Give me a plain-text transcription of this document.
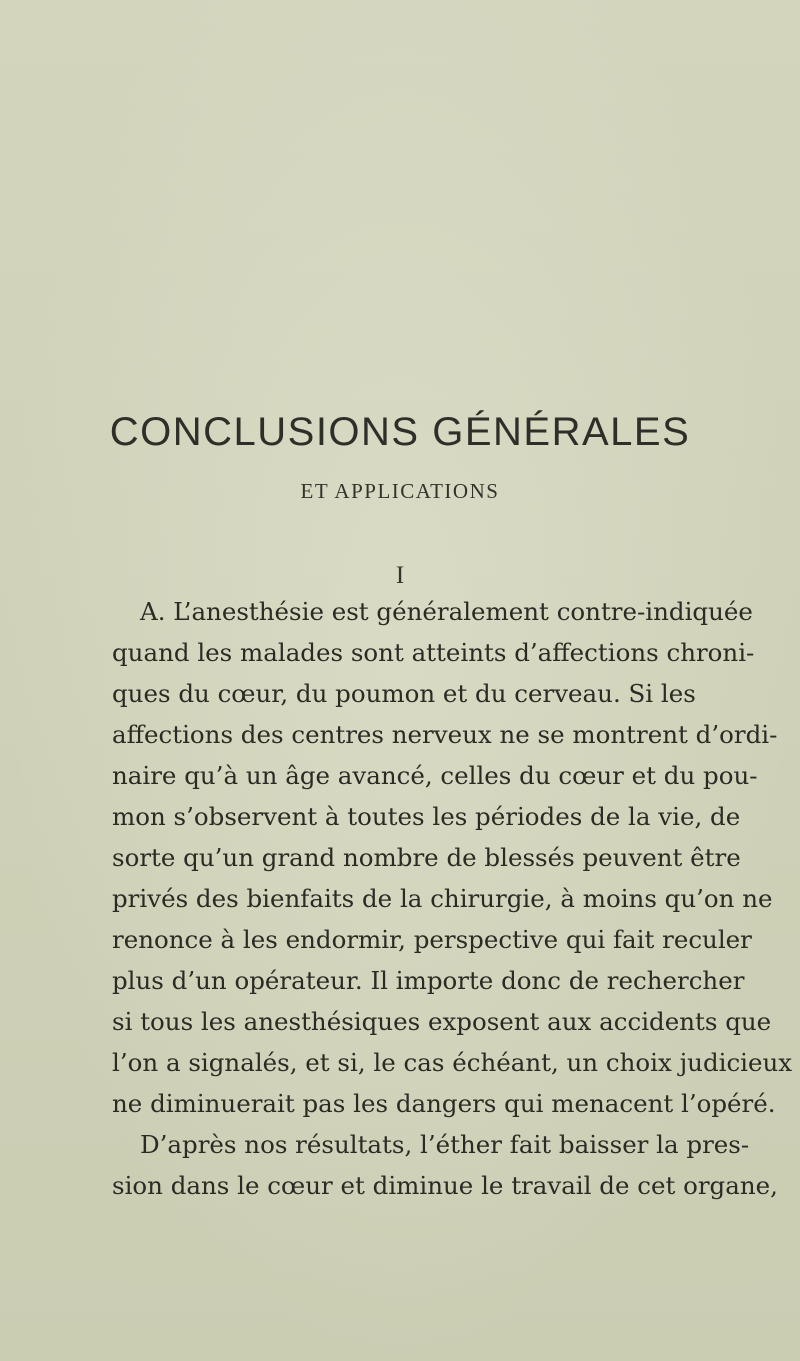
CONCLUSIONS GÉNÉRALES
ET APPLICATIONS
I
A. L’anesthésie est généralement contre-indiquée
quand les malades sont atteints d’affections chroni-
ques du cœur, du poumon et du cerveau. Si les
affections des centres nerveux ne se montrent d’ordi-
naire qu’à un âge avancé, celles du cœur et du pou-
mon s’observent à toutes les périodes de la vie, de
sorte qu’un grand nombre de blessés peuvent être
privés des bienfaits de la chirurgie, à moins qu’on ne
renonce à les endormir, perspective qui fait reculer
plus d’un opérateur. Il importe donc de rechercher
si tous les anesthésiques exposent aux accidents que
l’on a signalés, et si, le cas échéant, un choix judicieux
ne diminuerait pas les dangers qui menacent l’opéré.
D’après nos résultats, l’éther fait baisser la pres-
sion dans le cœur et diminue le travail de cet organe,
